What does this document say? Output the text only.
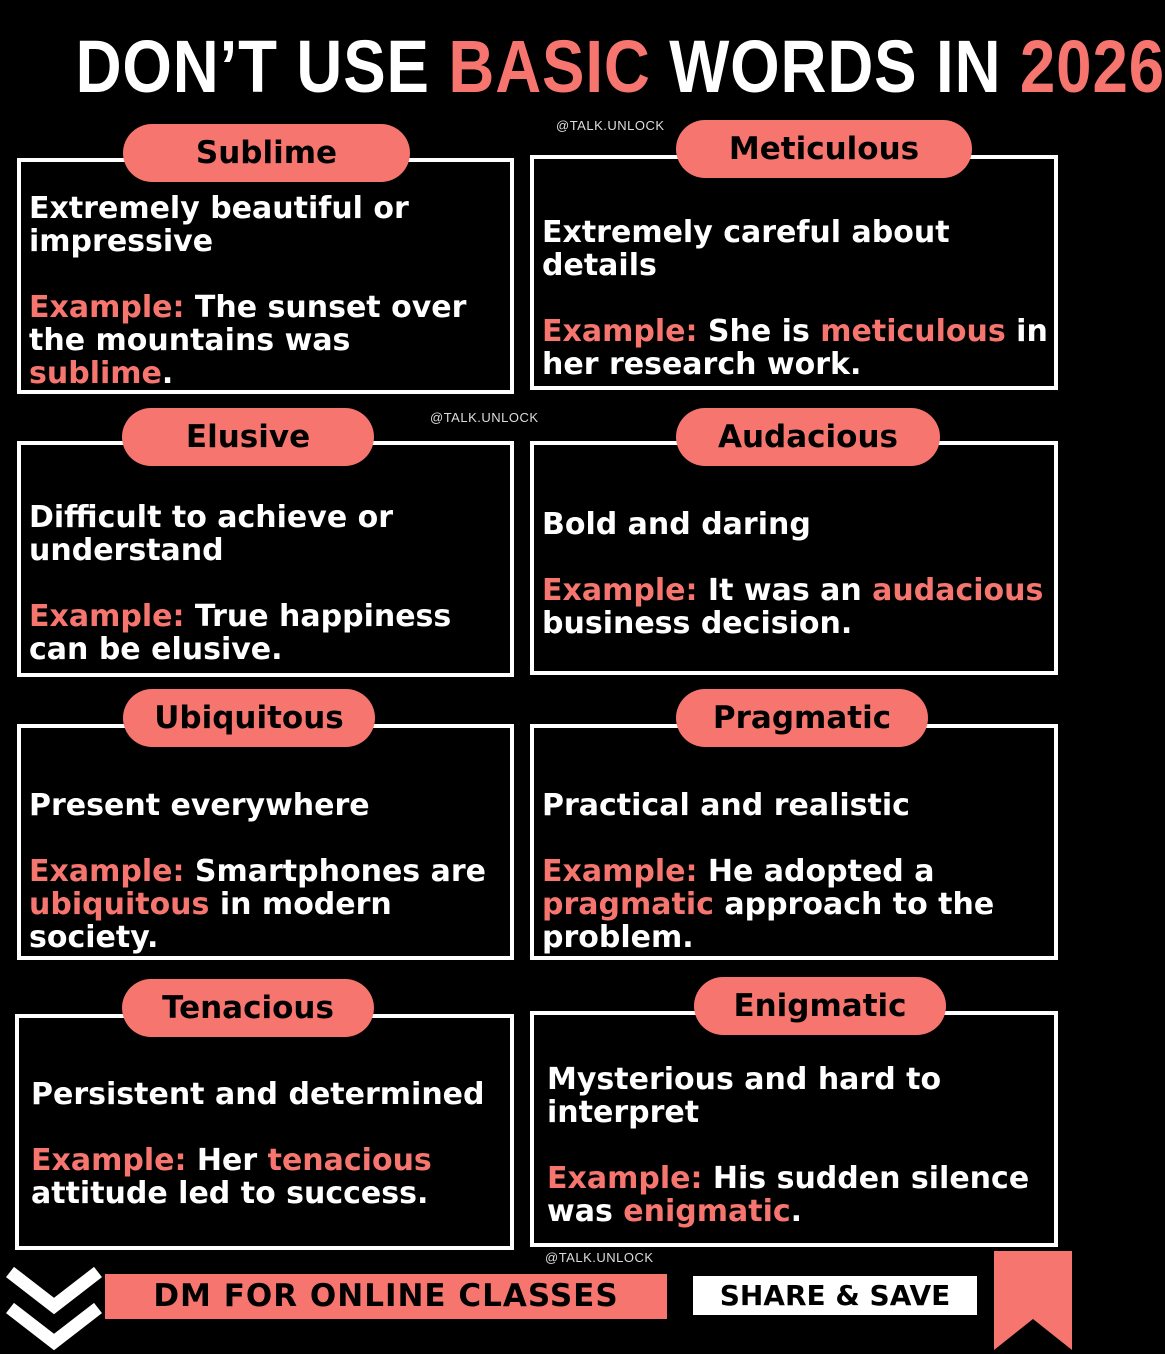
DON’T USE BASIC WORDS IN 2026
@TALK.UNLOCK
@TALK.UNLOCK
@TALK.UNLOCK
Extremely beautiful or impressive
Example: The sunset over the mountains was sublime.
Sublime
Extremely careful about details
Example: She is meticulous in her research work.
Meticulous
Difficult to achieve or understand
Example: True happiness can be elusive.
Elusive
Bold and daring
Example: It was an audacious business decision.
Audacious
Present everywhere
Example: Smartphones are ubiquitous in modern society.
Ubiquitous
Practical and realistic
Example: He adopted a pragmatic approach to the problem.
Pragmatic
Persistent and determined
Example: Her tenacious attitude led to success.
Tenacious
Mysterious and hard to interpret
Example: His sudden silence was enigmatic.
Enigmatic
DM FOR ONLINE CLASSES	SHARE & SAVE
